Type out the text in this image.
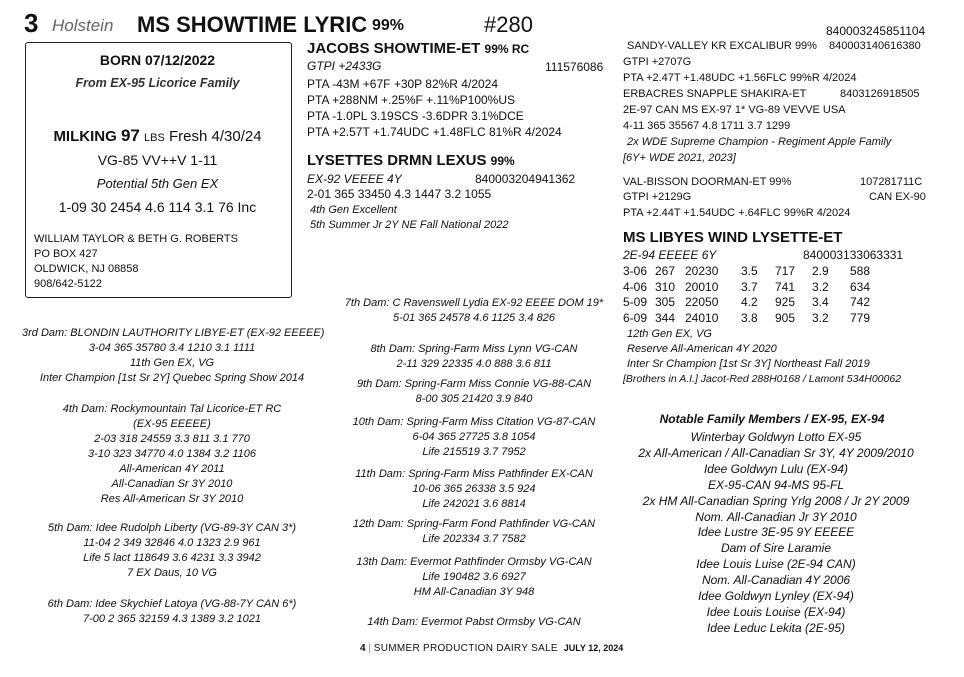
3 Holstein MS SHOWTIME LYRIC 99%	#280	840003245851104
BORN 07/12/2022
From EX-95 Licorice Family
MILKING 97 LBS Fresh 4/30/24
VG-85 VV++V 1-11
Potential 5th Gen EX
1-09 30 2454 4.6 114 3.1 76 Inc
WILLIAM TAYLOR & BETH G. ROBERTS
PO BOX 427
OLDWICK, NJ 08858
908/642-5122
JACOBS SHOWTIME-ET 99% RC
GTPI +2433G	111576086
PTA -43M +67F +30P 82%R 4/2024
PTA +288NM +.25%F +.11%P100%US
PTA -1.0PL 3.19SCS -3.6DPR 3.1%DCE
PTA +2.57T +1.74UDC +1.48FLC 81%R 4/2024
LYSETTES DRMN LEXUS 99%
EX-92 VEEEE 4Y	840003204941362
2-01 365 33450 4.3 1447 3.2 1055
4th Gen Excellent
5th Summer Jr 2Y NE Fall National 2022
SANDY-VALLEY KR EXCALIBUR 99% 840003140616380
GTPI +2707G
PTA +2.47T +1.48UDC +1.56FLC 99%R 4/2024
ERBACRES SNAPPLE SHAKIRA-ET	8403126918505
2E-97 CAN MS EX-97 1* VG-89 VEVVE USA
4-11 365 35567 4.8 1711 3.7 1299
2x WDE Supreme Champion - Regiment Apple Family
[6Y+ WDE 2021, 2023]
VAL-BISSON DOORMAN-ET 99%	107281711C
GTPI +2129G	CAN EX-90
PTA +2.44T +1.54UDC +.64FLC 99%R 4/2024
MS LIBYES WIND LYSETTE-ET
2E-94 EEEEE 6Y	840003133063331
3-06 267 20230 3.5 717 2.9 588
4-06 310 20010 3.7 741 3.2 634
5-09 305 22050 4.2 925 3.4 742
6-09 344 24010 3.8 905 3.2 779
12th Gen EX, VG
Reserve All-American 4Y 2020
Inter Sr Champion [1st Sr 3Y] Northeast Fall 2019
[Brothers in A.I.] Jacot-Red 288H0168 / Lamont 534H00062
3rd Dam: BLONDIN LAUTHORITY LIBYE-ET (EX-92 EEEEE)
3-04 365 35780 3.4 1210 3.1 1111
11th Gen EX, VG
Inter Champion [1st Sr 2Y] Quebec Spring Show 2014
4th Dam: Rockymountain Tal Licorice-ET RC
(EX-95 EEEEE)
2-03 318 24559 3.3 811 3.1 770
3-10 323 34770 4.0 1384 3.2 1106
All-American 4Y 2011
All-Canadian Sr 3Y 2010
Res All-American Sr 3Y 2010
5th Dam: Idee Rudolph Liberty (VG-89-3Y CAN 3*)
11-04 2 349 32846 4.0 1323 2.9 961
Life 5 lact 118649 3.6 4231 3.3 3942
7 EX Daus, 10 VG
6th Dam: Idee Skychief Latoya (VG-88-7Y CAN 6*)
7-00 2 365 32159 4.3 1389 3.2 1021
7th Dam: C Ravenswell Lydia EX-92 EEEE DOM 19*
5-01 365 24578 4.6 1125 3.4 826
8th Dam: Spring-Farm Miss Lynn VG-CAN
2-11 329 22335 4.0 888 3.6 811
9th Dam: Spring-Farm Miss Connie VG-88-CAN
8-00 305 21420 3.9 840
10th Dam: Spring-Farm Miss Citation VG-87-CAN
6-04 365 27725 3.8 1054
Life 215519 3.7 7952
11th Dam: Spring-Farm Miss Pathfinder EX-CAN
10-06 365 26338 3.5 924
Life 242021 3.6 8814
12th Dam: Spring-Farm Fond Pathfinder VG-CAN
Life 202334 3.7 7582
13th Dam: Evermot Pathfinder Ormsby VG-CAN
Life 190482 3.6 6927
HM All-Canadian 3Y 948
14th Dam: Evermot Pabst Ormsby VG-CAN
Notable Family Members / EX-95, EX-94
Winterbay Goldwyn Lotto EX-95
2x All-American / All-Canadian Sr 3Y, 4Y 2009/2010
Idee Goldwyn Lulu (EX-94)
EX-95-CAN 94-MS 95-FL
2x HM All-Canadian Spring Yrlg 2008 / Jr 2Y 2009
Nom. All-Canadian Jr 3Y 2010
Idee Lustre 3E-95 9Y EEEEE
Dam of Sire Laramie
Idee Louis Luise (2E-94 CAN)
Nom. All-Canadian 4Y 2006
Idee Goldwyn Lynley (EX-94)
Idee Louis Louise (EX-94)
Idee Leduc Lekita (2E-95)
4 | SUMMER PRODUCTION DAIRY SALE JULY 12, 2024
